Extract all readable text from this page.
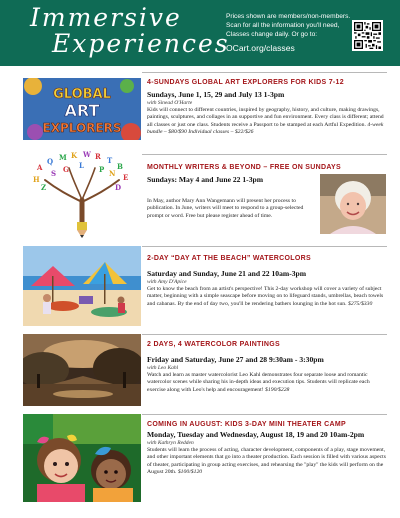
Immersive
Experiences
Prices shown are members/non-members. Scan for all the information you'll need, Classes change daily. Or go to:
OCart.org/classes
GLOBAL
ART
EXPLORERS
4-SUNDAYS GLOBAL ART EXPLORERS FOR KIDS 7-12
Sundays, June 1, 15, 29 and July 13 1-3pm
with Sinead O'Harte
Kids will connect to different countries, inspired by geography, history, and culture, making drawings, paintings, sculptures, and collages in an supportive and fun environment. Every class is different; attend all classes or just one class. Students receive a Passport to be stamped at each Artful Expedition. 4-week bundle – $80/$90 Individual classes – $22/$26
A
Q M K W R T
B
H	E
S	N
G	P
L
Z	D
MONTHLY WRITERS & BEYOND – FREE ON SUNDAYS
Sundays: May 4 and June 22 1-3pm
In May, author Mary Ann Wangemann will present her process to publication. In June, writers will meet to respond to a group-selected prompt or word. Free but please register ahead of time.
2-DAY “DAY AT THE BEACH” WATERCOLORS
Saturday and Sunday, June 21 and 22 10am-3pm
with Amy D'Apice
Get to know the beach from an artist's perspective! This 2-day workshop will cover a variety of subject matter, beginning with a simple seascape before moving on to lifeguard stands, umbrellas, beach towels and cabanas. By the end of day two, you'll be rendering bathers lounging in the hot sun. $275/$330
2 DAYS, 4 WATERCOLOR PAINTINGS
Friday and Saturday, June 27 and 28 9:30am - 3:30pm
with Leo Kahl
Watch and learn as master watercolorist Leo Kahl demonstrates four separate loose and romantic watercolor scenes while sharing his in-depth ideas and execution tips. Students will replicate each exercise along with Leo's help and encouragement! $190/$228
COMING IN AUGUST: KIDS 3-DAY MINI THEATER CAMP
Monday, Tuesday and Wednesday, August 18, 19 and 20 10am-2pm
with Kathryn Redden
Students will learn the process of acting, character development, components of a play, stage movement, and other important elements that go into a theater production. Each session is filled with various aspects of theater, participating in group acting exercises, and rehearsing the "play" the kids will perform on the August 20th. $100/$120
